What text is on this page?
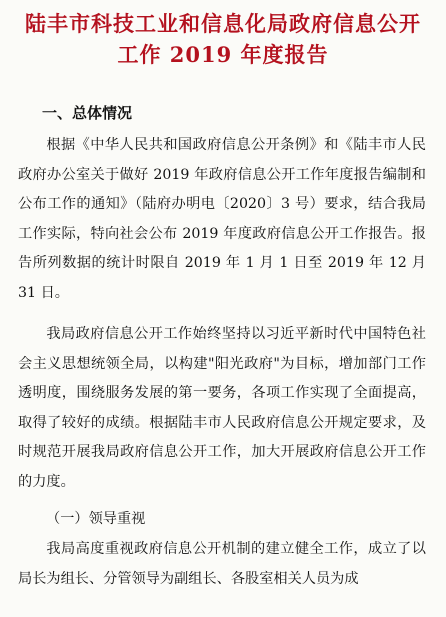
陆丰市科技工业和信息化局政府信息公开
工作 2019 年度报告
一、总体情况

根据《中华人民共和国政府信息公开条例》和《陆丰市人民政府办公室关于做好 2019 年政府信息公开工作年度报告编制和公布工作的通知》（陆府办明电〔2020〕3 号）要求，结合我局工作实际，特向社会公布 2019 年度政府信息公开工作报告。报告所列数据的统计时限自 2019 年 1 月 1 日至 2019 年 12 月 31 日。

我局政府信息公开工作始终坚持以习近平新时代中国特色社会主义思想统领全局，以构建"阳光政府"为目标，增加部门工作透明度，围绕服务发展的第一要务，各项工作实现了全面提高，取得了较好的成绩。根据陆丰市人民政府信息公开规定要求，及时规范开展我局政府信息公开工作，加大开展政府信息公开工作的力度。

（一）领导重视

我局高度重视政府信息公开机制的建立健全工作，成立了以局长为组长、分管领导为副组长、各股室相关人员为成
